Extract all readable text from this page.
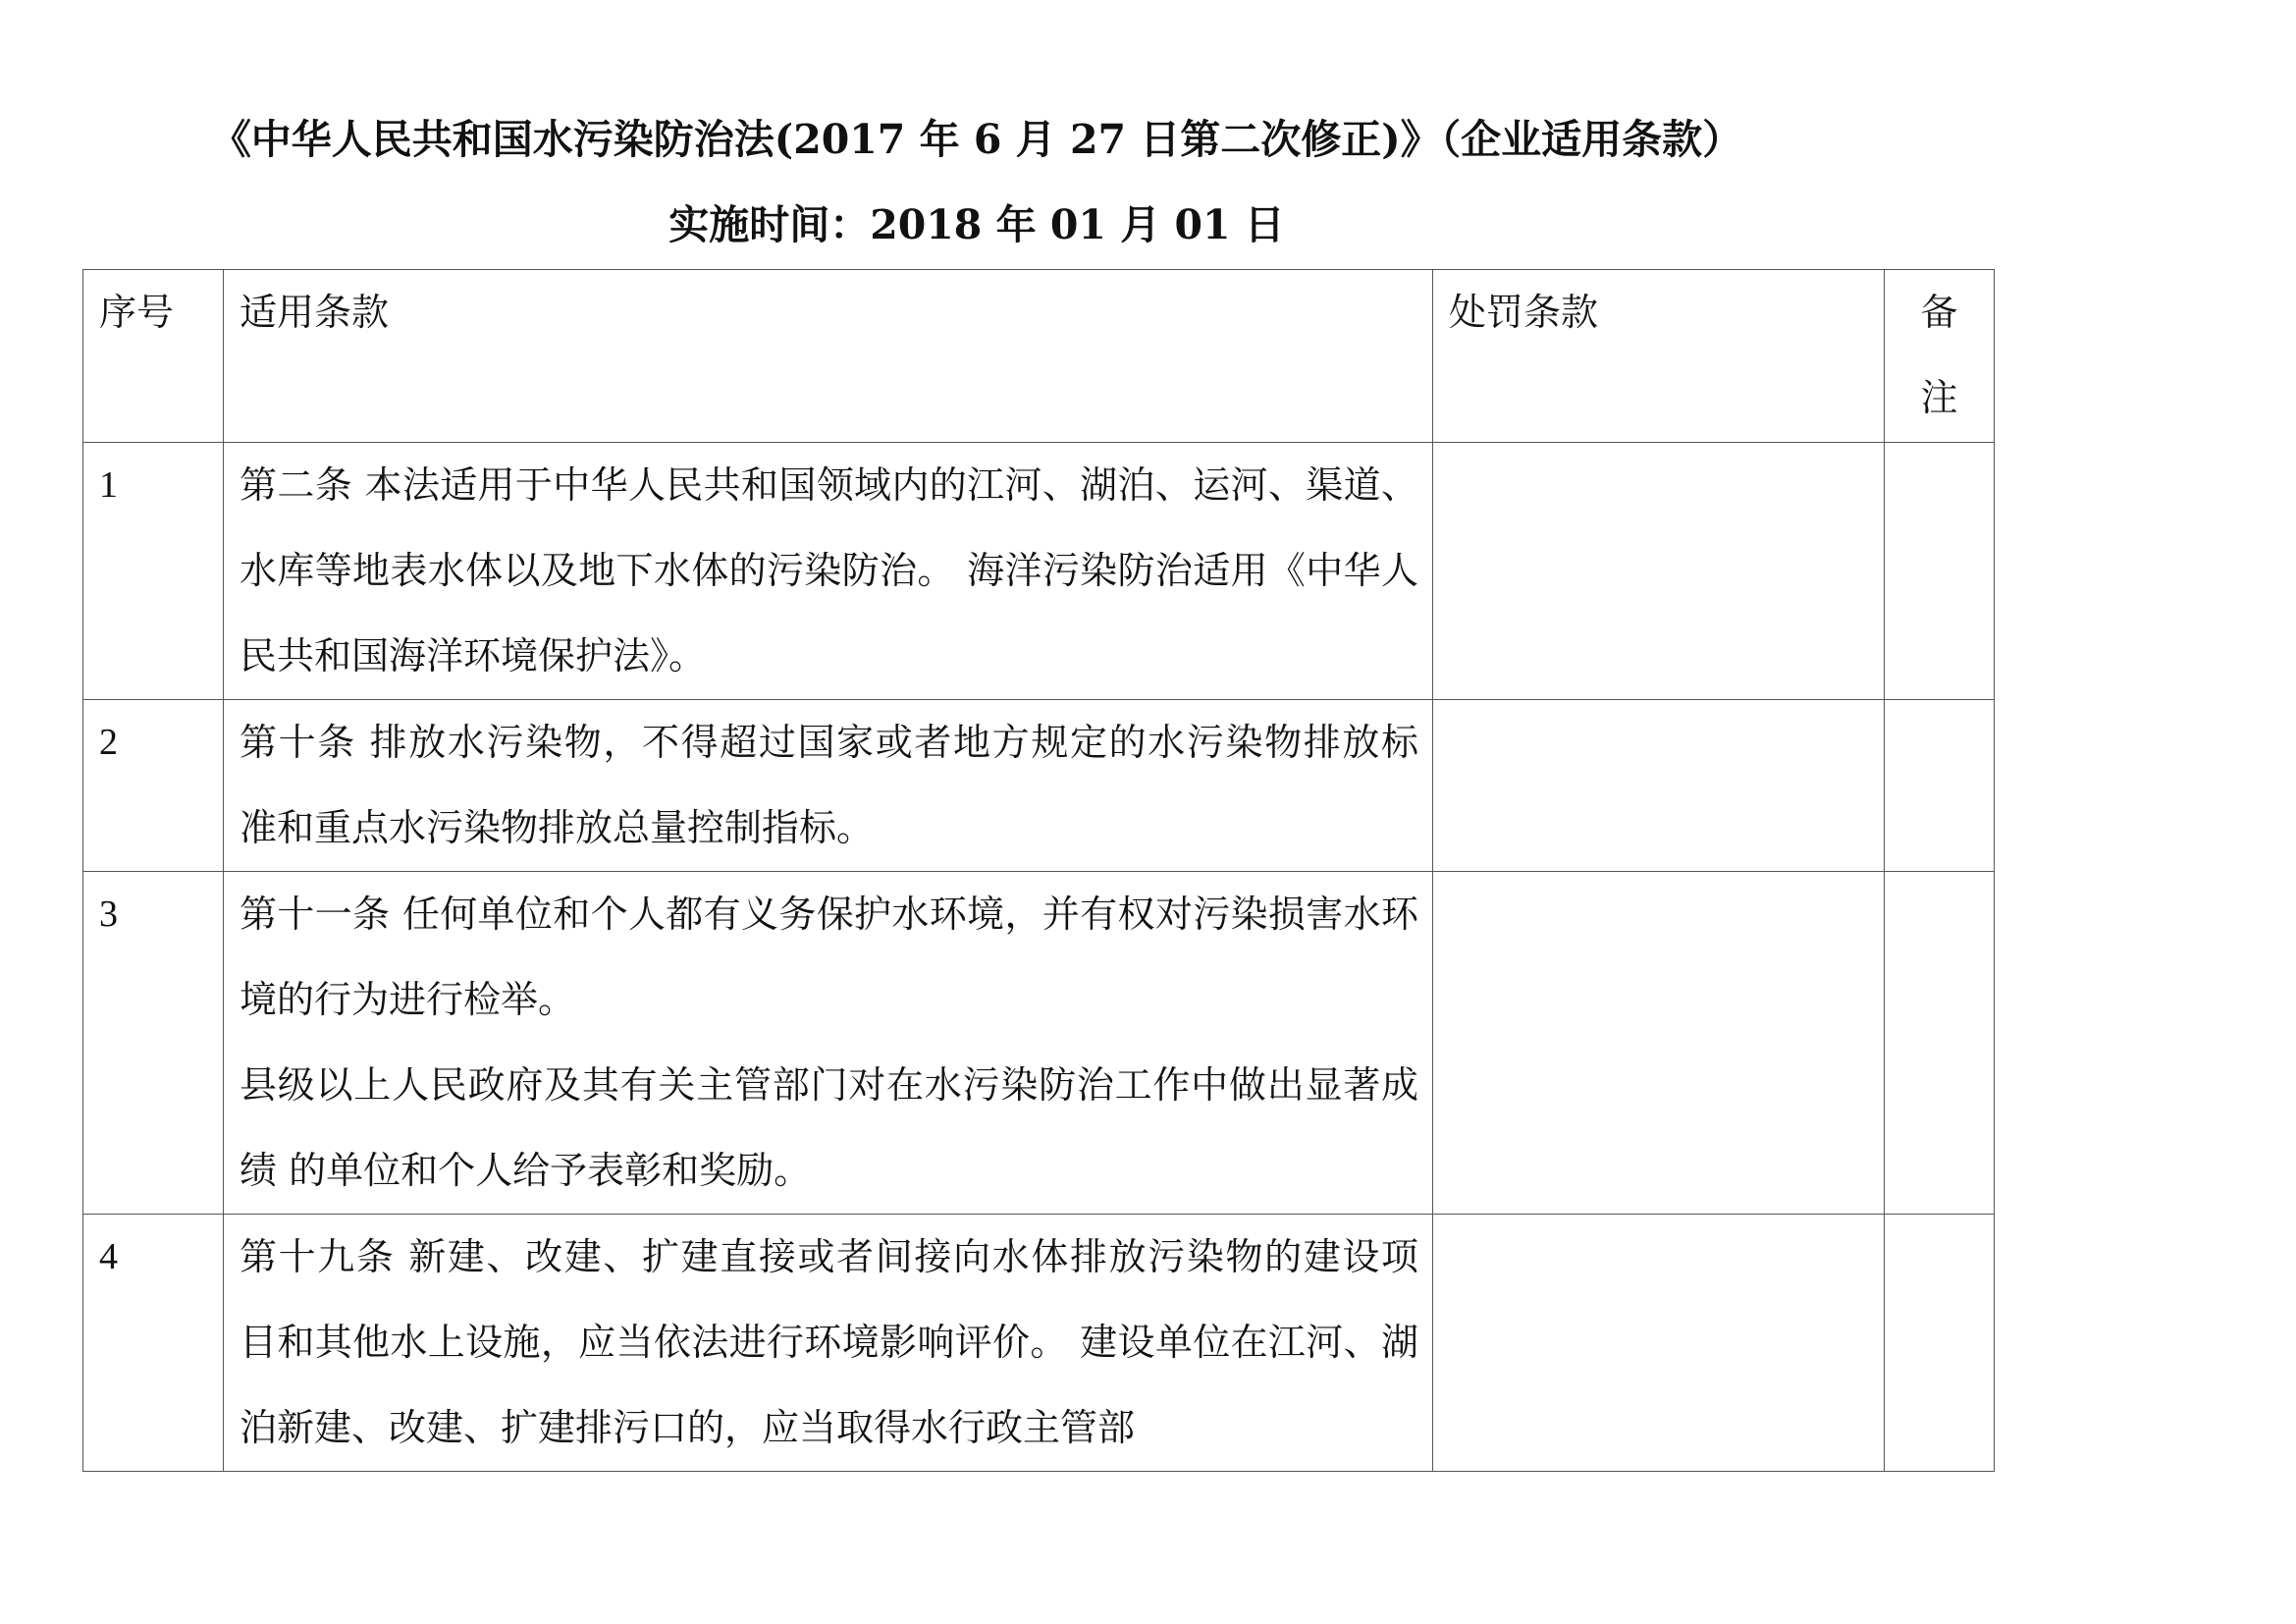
《中华人民共和国水污染防治法(2017 年 6 月 27 日第二次修正)》（企业适用条款）
实施时间：2018 年 01 月 01 日
序号	适用条款	处罚条款	备
注

1	第二条 本法适用于中华人民共和国领域内的江河、湖泊、运河、渠道、 水库等地表水体以及地下水体的污染防治。 海洋污染防治适用《中华人民共和国海洋环境保护法》。		

2	第十条 排放水污染物，不得超过国家或者地方规定的水污染物排放标 准和重点水污染物排放总量控制指标。		

3	第十一条 任何单位和个人都有义务保护水环境，并有权对污染损害水环境的行为进行检举。
县级以上人民政府及其有关主管部门对在水污染防治工作中做出显著成绩 的单位和个人给予表彰和奖励。		

4	第十九条 新建、改建、扩建直接或者间接向水体排放污染物的建设项 目和其他水上设施，应当依法进行环境影响评价。 建设单位在江河、湖泊新建、改建、扩建排污口的，应当取得水行政主管部		
